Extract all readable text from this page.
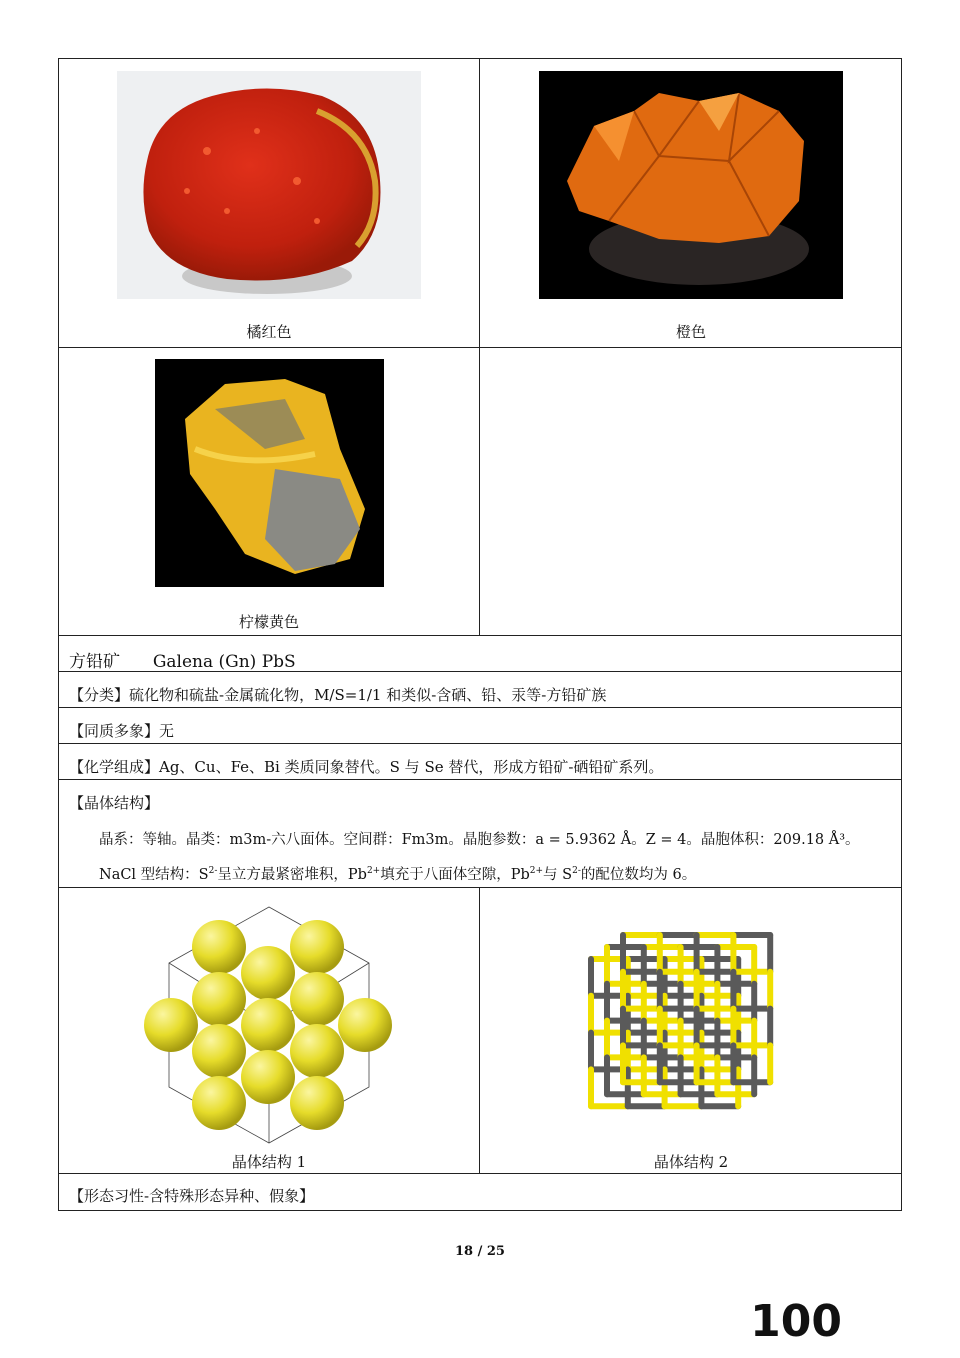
橘红色	橙色
柠檬黄色
方铅矿 Galena (Gn) PbS
【分类】硫化物和硫盐-金属硫化物，M/S=1/1 和类似-含硒、铅、汞等-方铅矿族
【同质多象】无
【化学组成】Ag、Cu、Fe、Bi 类质同象替代。S 与 Se 替代，形成方铅矿-硒铅矿系列。
【晶体结构】
晶系：等轴。晶类：m3m-六八面体。空间群：Fm3m。晶胞参数：a = 5.9362 Å。Z = 4。晶胞体积：209.18 Å³。
NaCl 型结构：$S^{2-}$呈立方最紧密堆积，$Pb^{2+}$填充于八面体空隙，$Pb^{2+}$与 $S^{2-}$的配位数均为 6。
晶体结构 1	晶体结构 2
【形态习性-含特殊形态异种、假象】
18 / 25
100
